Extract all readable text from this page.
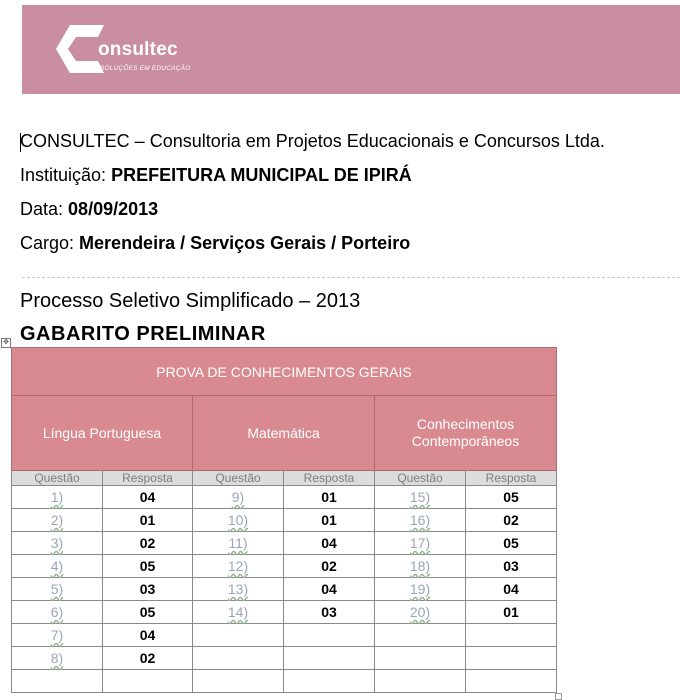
onsultec
SOLUÇÕES EM EDUCAÇÃO
CONSULTEC – Consultoria em Projetos Educacionais e Concursos Ltda.
Instituição: PREFEITURA MUNICIPAL DE IPIRÁ
Data: 08/09/2013
Cargo: Merendeira / Serviços Gerais / Porteiro
Processo Seletivo Simplificado – 2013
GABARITO PRELIMINAR
✥
PROVA DE CONHECIMENTOS GERAIS					
Língua Portuguesa		Matemática		Conhecimentos Contemporâneos	
Questão	Resposta	Questão	Resposta	Questão	Resposta
1)	04	9)	01	15)	05
2)	01	10)	01	16)	02
3)	02	11)	04	17)	05
4)	05	12)	02	18)	03
5)	03	13)	04	19)	04
6)	05	14)	03	20)	01
7)	04				
8)	02				
